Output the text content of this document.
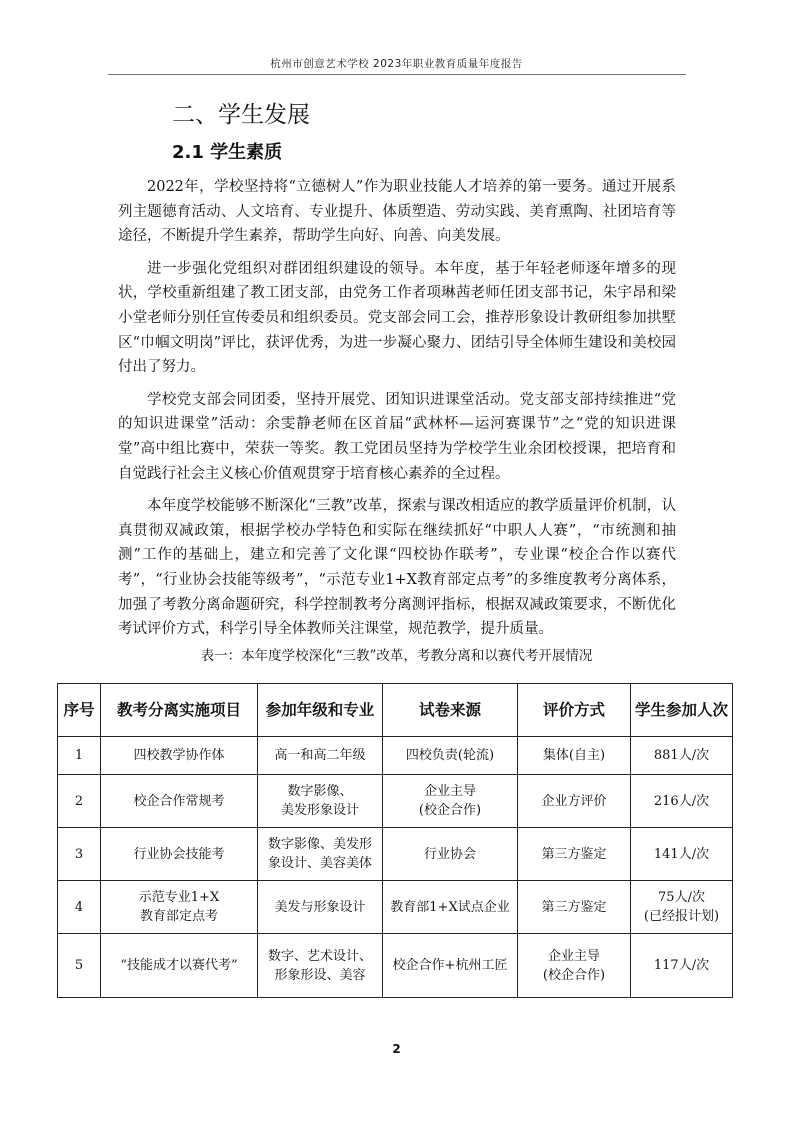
杭州市创意艺术学校 2023年职业教育质量年度报告
二、学生发展
2.1 学生素质

2022年，学校坚持将“立德树人”作为职业技能人才培养的第一要务。通过开展系列主题德育活动、人文培育、专业提升、体质塑造、劳动实践、美育熏陶、社团培育等途径，不断提升学生素养，帮助学生向好、向善、向美发展。

进一步强化党组织对群团组织建设的领导。本年度，基于年轻老师逐年增多的现状，学校重新组建了教工团支部，由党务工作者项琳茜老师任团支部书记，朱宇昂和梁小堂老师分别任宣传委员和组织委员。党支部会同工会，推荐形象设计教研组参加拱墅区“巾帼文明岗”评比，获评优秀，为进一步凝心聚力、团结引导全体师生建设和美校园付出了努力。

学校党支部会同团委，坚持开展党、团知识进课堂活动。党支部支部持续推进“党的知识进课堂”活动：余雯静老师在区首届“武林杯—运河赛课节”之“党的知识进课堂”高中组比赛中，荣获一等奖。教工党团员坚持为学校学生业余团校授课，把培育和自觉践行社会主义核心价值观贯穿于培育核心素养的全过程。

本年度学校能够不断深化“三教”改革，探索与课改相适应的教学质量评价机制，认真贯彻双减政策，根据学校办学特色和实际在继续抓好“中职人人赛”，“市统测和抽测”工作的基础上，建立和完善了文化课“四校协作联考”，专业课“校企合作以赛代考”，“行业协会技能等级考”，“示范专业1+X教育部定点考”的多维度教考分离体系，加强了考教分离命题研究，科学控制教考分离测评指标，根据双减政策要求，不断优化考试评价方式，科学引导全体教师关注课堂，规范教学，提升质量。

表一：本年度学校深化“三教”改革，考教分离和以赛代考开展情况
序号	教考分离实施项目	参加年级和专业	试卷来源	评价方式	学生参加人次
1	四校教学协作体	高一和高二年级	四校负责(轮流)	集体(自主)	881人/次
2	校企合作常规考	数字影像、
美发形象设计	企业主导
(校企合作)	企业方评价	216人/次
3	行业协会技能考	数字影像、美发形
象设计、美容美体	行业协会	第三方鉴定	141人/次
4	示范专业1+X
教育部定点考	美发与形象设计	教育部1+X试点企业	第三方鉴定	75人/次
(已经报计划)
5	“技能成才以赛代考”	数字、艺术设计、
形象形设、美容	校企合作+杭州工匠	企业主导
(校企合作)	117人/次
2
